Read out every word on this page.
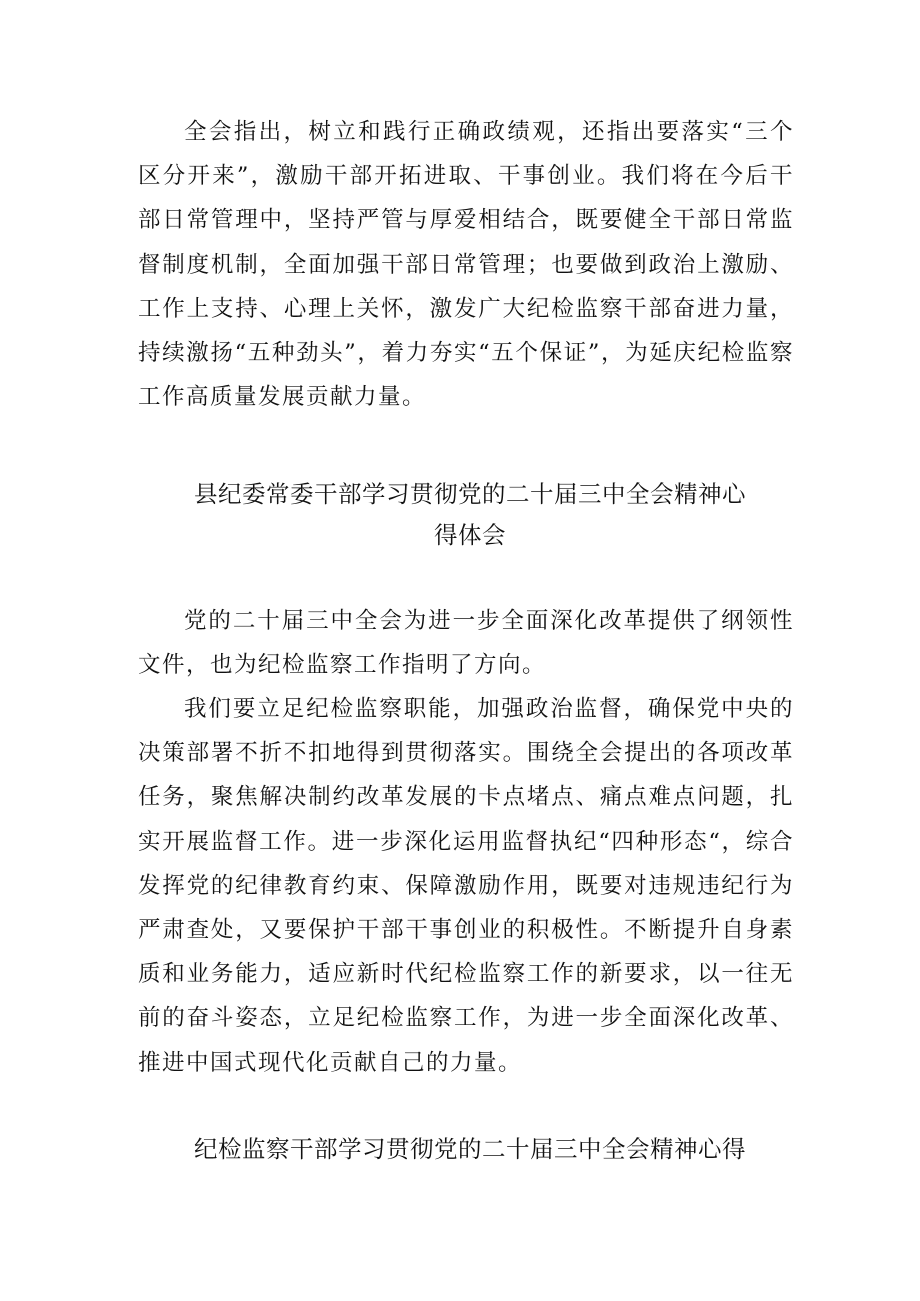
全会指出，树立和践行正确政绩观，还指出要落实“三个区分开来”，激励干部开拓进取、干事创业。我们将在今后干部日常管理中，坚持严管与厚爱相结合，既要健全干部日常监督制度机制，全面加强干部日常管理；也要做到政治上激励、工作上支持、心理上关怀，激发广大纪检监察干部奋进力量，持续激扬“五种劲头”，着力夯实“五个保证”，为延庆纪检监察工作高质量发展贡献力量。

县纪委常委干部学习贯彻党的二十届三中全会精神心
得体会

党的二十届三中全会为进一步全面深化改革提供了纲领性文件，也为纪检监察工作指明了方向。

我们要立足纪检监察职能，加强政治监督，确保党中央的决策部署不折不扣地得到贯彻落实。围绕全会提出的各项改革任务，聚焦解决制约改革发展的卡点堵点、痛点难点问题，扎实开展监督工作。进一步深化运用监督执纪“四种形态“，综合发挥党的纪律教育约束、保障激励作用，既要对违规违纪行为严肃查处，又要保护干部干事创业的积极性。不断提升自身素质和业务能力，适应新时代纪检监察工作的新要求，以一往无前的奋斗姿态，立足纪检监察工作，为进一步全面深化改革、推进中国式现代化贡献自己的力量。

纪检监察干部学习贯彻党的二十届三中全会精神心得
